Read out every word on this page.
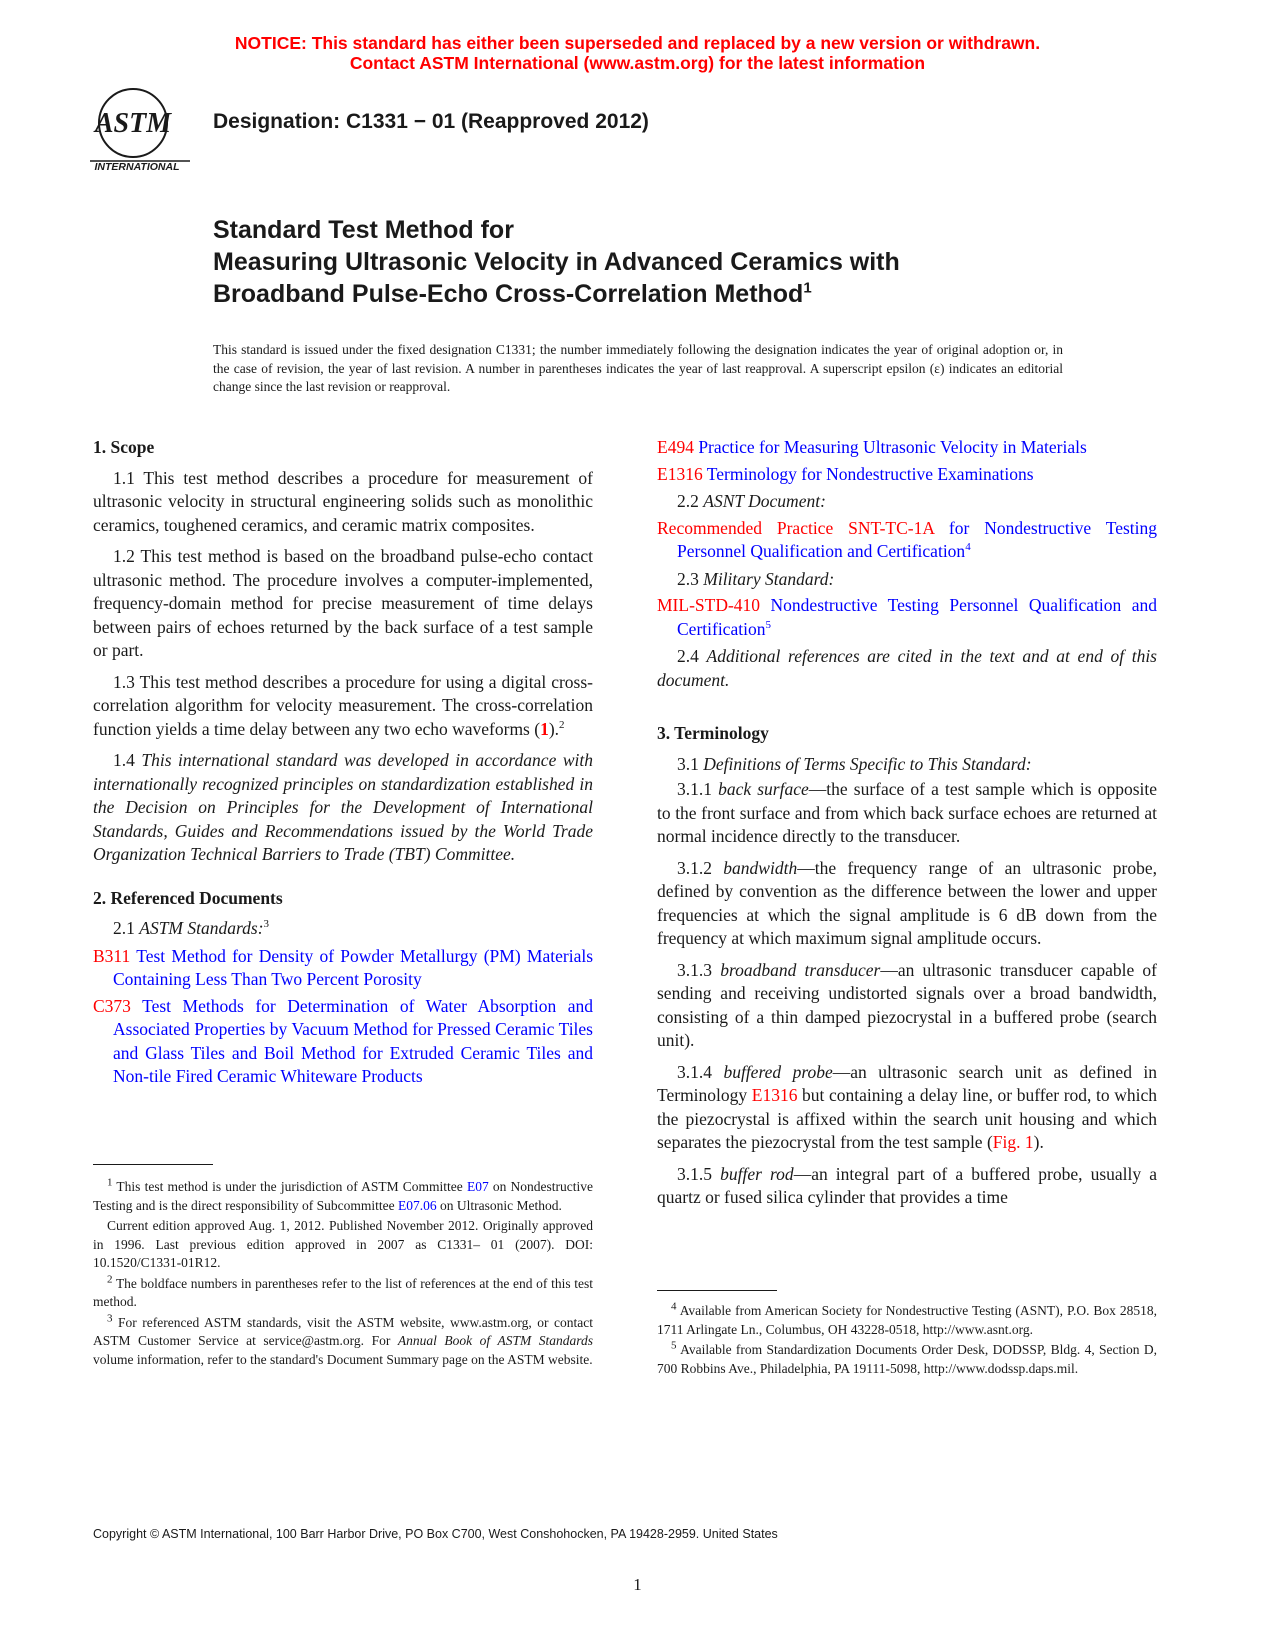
NOTICE: This standard has either been superseded and replaced by a new version or withdrawn.
Contact ASTM International (www.astm.org) for the latest information
ASTM
INTERNATIONAL
Designation: C1331 − 01 (Reapproved 2012)
Standard Test Method for
Measuring Ultrasonic Velocity in Advanced Ceramics with
Broadband Pulse-Echo Cross-Correlation Method$^1$
This standard is issued under the fixed designation C1331; the number immediately following the designation indicates the year of original adoption or, in the case of revision, the year of last revision. A number in parentheses indicates the year of last reapproval. A superscript epsilon (ε) indicates an editorial change since the last revision or reapproval.
1. Scope

1.1 This test method describes a procedure for measurement of ultrasonic velocity in structural engineering solids such as monolithic ceramics, toughened ceramics, and ceramic matrix composites.

1.2 This test method is based on the broadband pulse-echo contact ultrasonic method. The procedure involves a computer-implemented, frequency-domain method for precise measurement of time delays between pairs of echoes returned by the back surface of a test sample or part.

1.3 This test method describes a procedure for using a digital cross-correlation algorithm for velocity measurement. The cross-correlation function yields a time delay between any two echo waveforms (1).$^2$

1.4 This international standard was developed in accordance with internationally recognized principles on standardization established in the Decision on Principles for the Development of International Standards, Guides and Recommendations issued by the World Trade Organization Technical Barriers to Trade (TBT) Committee.

2. Referenced Documents

2.1 ASTM Standards:$^3$

B311 Test Method for Density of Powder Metallurgy (PM) Materials Containing Less Than Two Percent Porosity
C373 Test Methods for Determination of Water Absorption and Associated Properties by Vacuum Method for Pressed Ceramic Tiles and Glass Tiles and Boil Method for Extruded Ceramic Tiles and Non-tile Fired Ceramic Whiteware Products

$^1$ This test method is under the jurisdiction of ASTM Committee E07 on Nondestructive Testing and is the direct responsibility of Subcommittee E07.06 on Ultrasonic Method.

Current edition approved Aug. 1, 2012. Published November 2012. Originally approved in 1996. Last previous edition approved in 2007 as C1331– 01 (2007). DOI: 10.1520/C1331-01R12.

$^2$ The boldface numbers in parentheses refer to the list of references at the end of this test method.

$^3$ For referenced ASTM standards, visit the ASTM website, www.astm.org, or contact ASTM Customer Service at service@astm.org. For Annual Book of ASTM Standards volume information, refer to the standard's Document Summary page on the ASTM website.

E494 Practice for Measuring Ultrasonic Velocity in Materials
E1316 Terminology for Nondestructive Examinations

2.2 ASNT Document:

Recommended Practice SNT-TC-1A for Nondestructive Testing Personnel Qualification and Certification$^4$

2.3 Military Standard:

MIL-STD-410 Nondestructive Testing Personnel Qualification and Certification$^5$

2.4 Additional references are cited in the text and at end of this document.

3. Terminology

3.1 Definitions of Terms Specific to This Standard:

3.1.1 back surface—the surface of a test sample which is opposite to the front surface and from which back surface echoes are returned at normal incidence directly to the transducer.

3.1.2 bandwidth—the frequency range of an ultrasonic probe, defined by convention as the difference between the lower and upper frequencies at which the signal amplitude is 6 dB down from the frequency at which maximum signal amplitude occurs.

3.1.3 broadband transducer—an ultrasonic transducer capable of sending and receiving undistorted signals over a broad bandwidth, consisting of a thin damped piezocrystal in a buffered probe (search unit).

3.1.4 buffered probe—an ultrasonic search unit as defined in Terminology E1316 but containing a delay line, or buffer rod, to which the piezocrystal is affixed within the search unit housing and which separates the piezocrystal from the test sample (Fig. 1).

3.1.5 buffer rod—an integral part of a buffered probe, usually a quartz or fused silica cylinder that provides a time

$^4$ Available from American Society for Nondestructive Testing (ASNT), P.O. Box 28518, 1711 Arlingate Ln., Columbus, OH 43228-0518, http://www.asnt.org.

$^5$ Available from Standardization Documents Order Desk, DODSSP, Bldg. 4, Section D, 700 Robbins Ave., Philadelphia, PA 19111-5098, http://www.dodssp.daps.mil.

Copyright © ASTM International, 100 Barr Harbor Drive, PO Box C700, West Conshohocken, PA 19428-2959. United States
1
